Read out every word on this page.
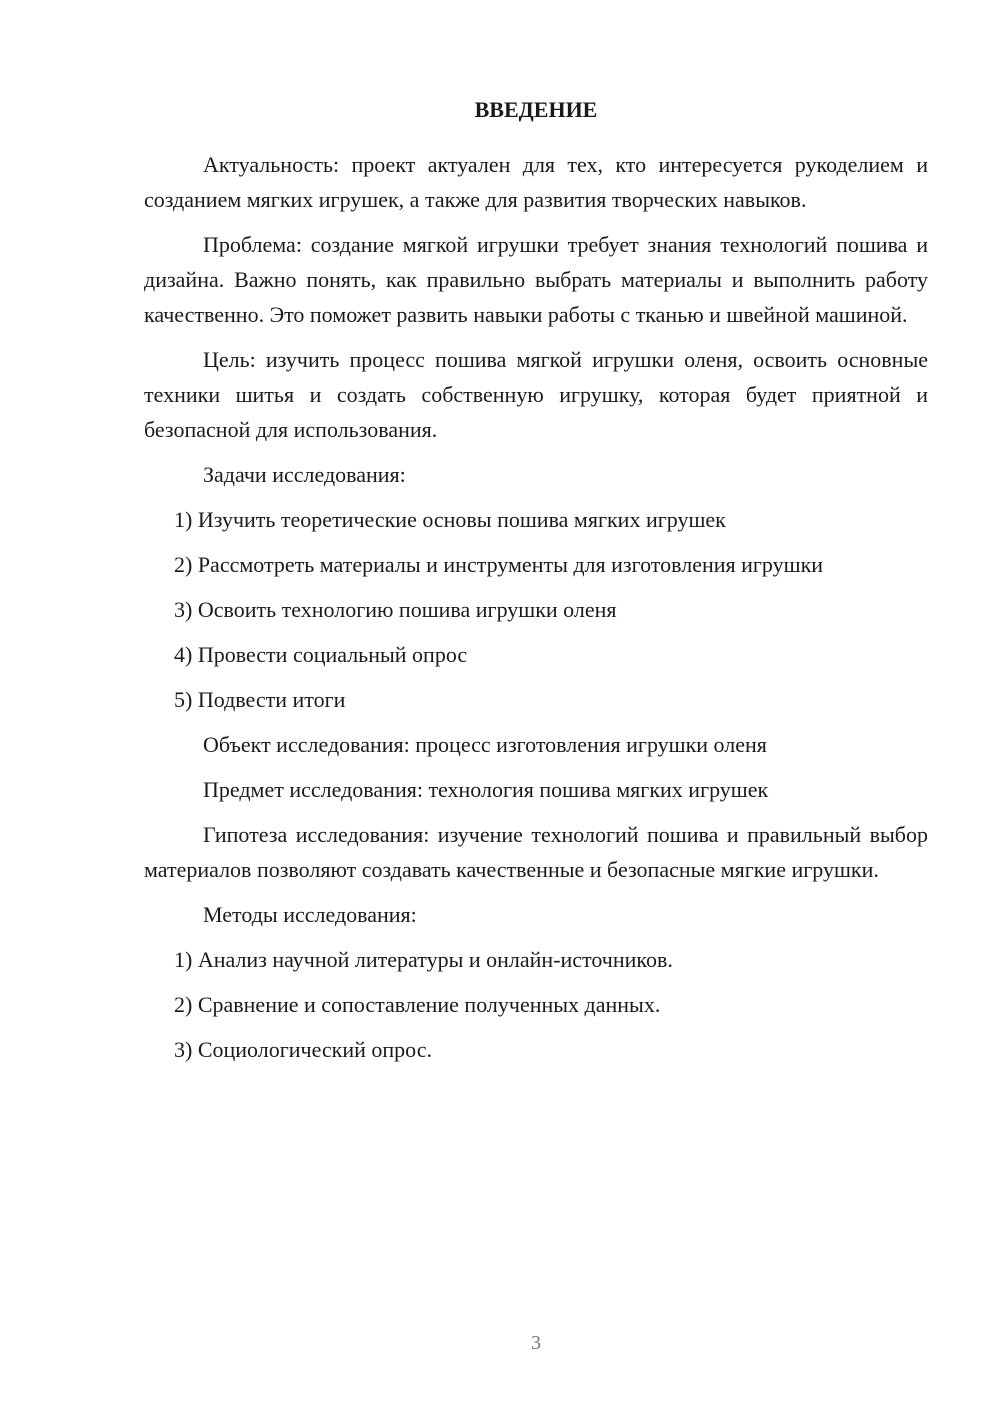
ВВЕДЕНИЕ

Актуальность: проект актуален для тех, кто интересуется рукоделием и созданием мягких игрушек, а также для развития творческих навыков.

Проблема: создание мягкой игрушки требует знания технологий пошива и дизайна. Важно понять, как правильно выбрать материалы и выполнить работу качественно. Это поможет развить навыки работы с тканью и швейной машиной.

Цель: изучить процесс пошива мягкой игрушки оленя, освоить основные техники шитья и создать собственную игрушку, которая будет приятной и безопасной для использования.

Задачи исследования:

1) Изучить теоретические основы пошива мягких игрушек

2) Рассмотреть материалы и инструменты для изготовления игрушки

3) Освоить технологию пошива игрушки оленя

4) Провести социальный опрос

5) Подвести итоги

Объект исследования: процесс изготовления игрушки оленя

Предмет исследования: технология пошива мягких игрушек

Гипотеза исследования: изучение технологий пошива и правильный выбор материалов позволяют создавать качественные и безопасные мягкие игрушки.

Методы исследования:

1) Анализ научной литературы и онлайн-источников.

2) Сравнение и сопоставление полученных данных.

3) Социологический опрос.

3
